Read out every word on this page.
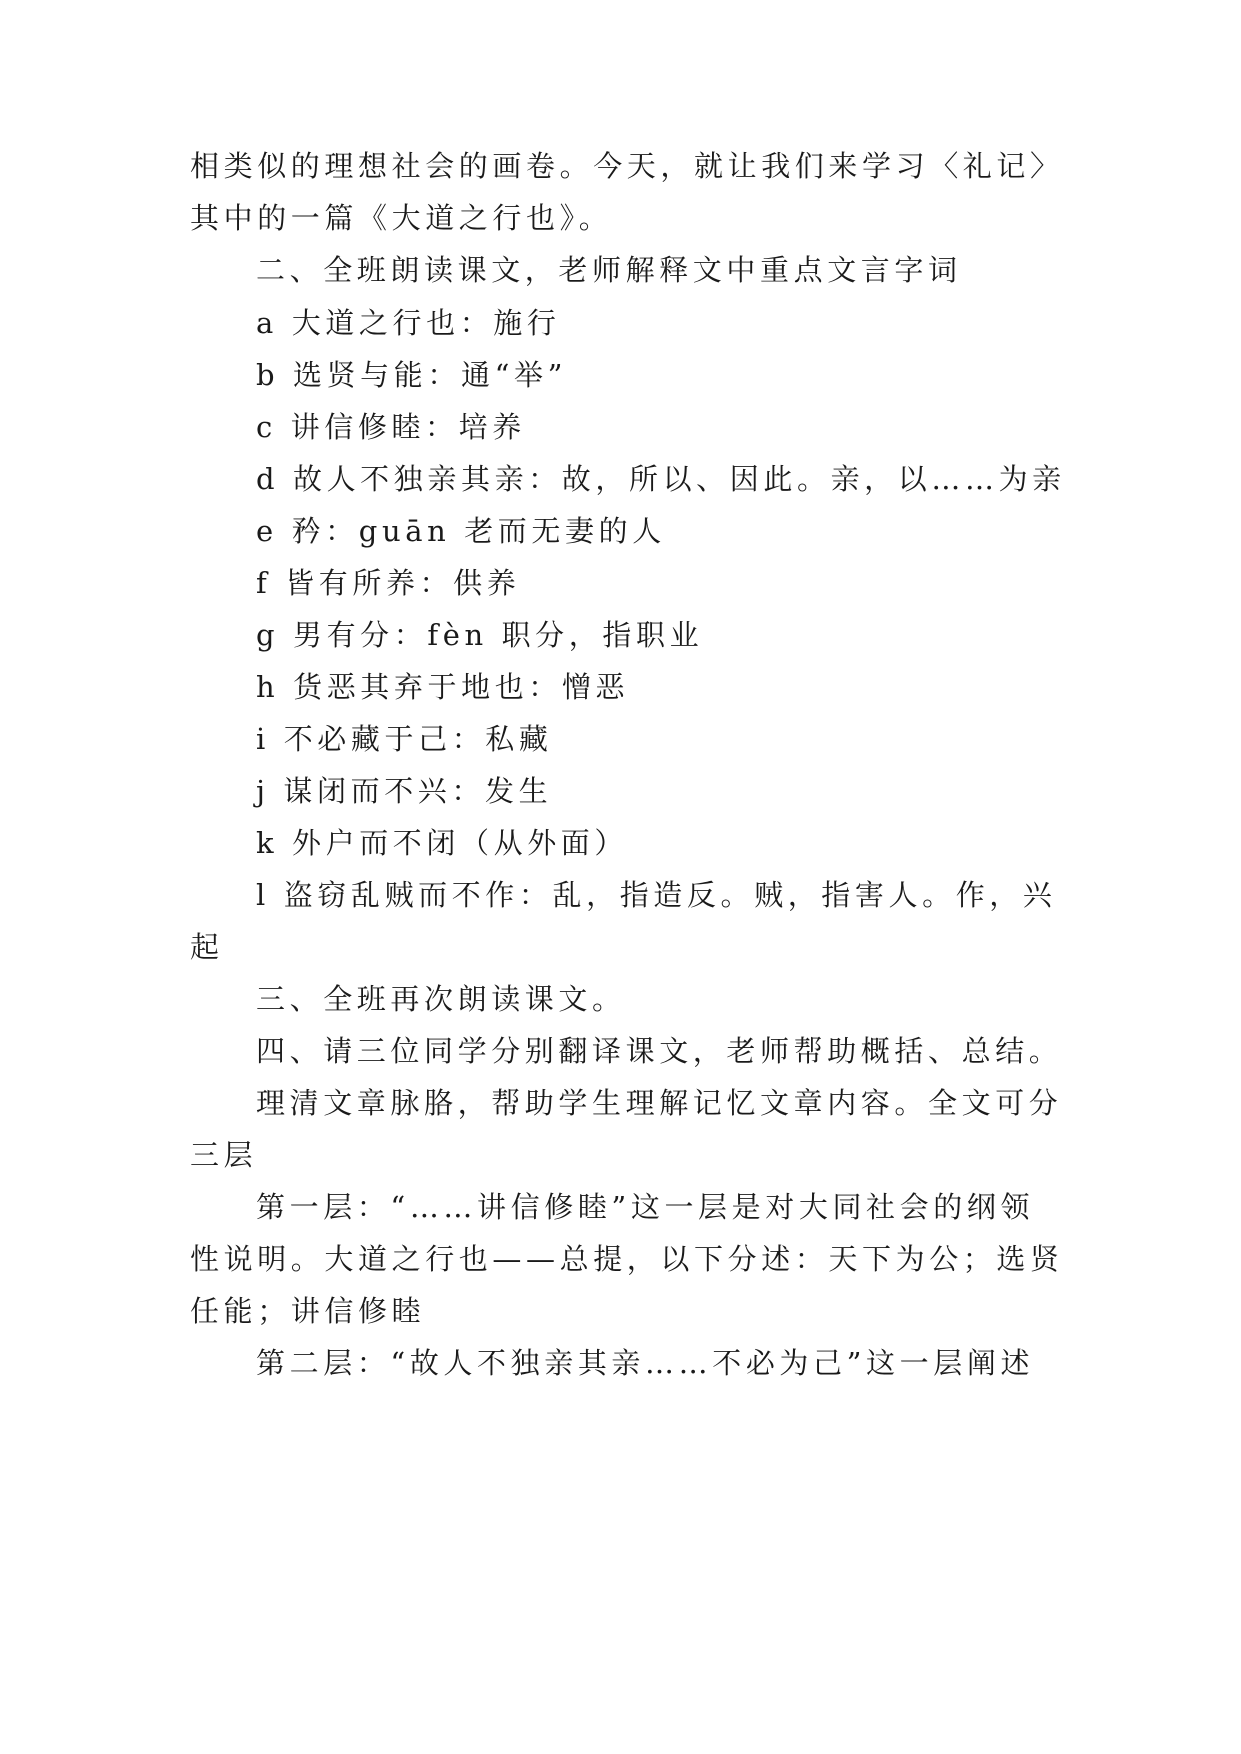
相类似的理想社会的画卷。今天，就让我们来学习〈礼记〉
其中的一篇《大道之行也》。
二、全班朗读课文，老师解释文中重点文言字词
a 大道之行也：施行
b 选贤与能：通“举”
c 讲信修睦：培养
d 故人不独亲其亲：故，所以、因此。亲，以……为亲
e 矜：guān 老而无妻的人
f 皆有所养：供养
g 男有分：fèn 职分，指职业
h 货恶其弃于地也：憎恶
i 不必藏于己：私藏
j 谋闭而不兴：发生
k 外户而不闭（从外面）
l 盗窃乱贼而不作：乱，指造反。贼，指害人。作，兴
起
三、全班再次朗读课文。
四、请三位同学分别翻译课文，老师帮助概括、总结。
理清文章脉胳，帮助学生理解记忆文章内容。全文可分
三层
第一层：“……讲信修睦”这一层是对大同社会的纲领
性说明。大道之行也——总提，以下分述：天下为公；选贤
任能；讲信修睦
第二层：“故人不独亲其亲……不必为己”这一层阐述
